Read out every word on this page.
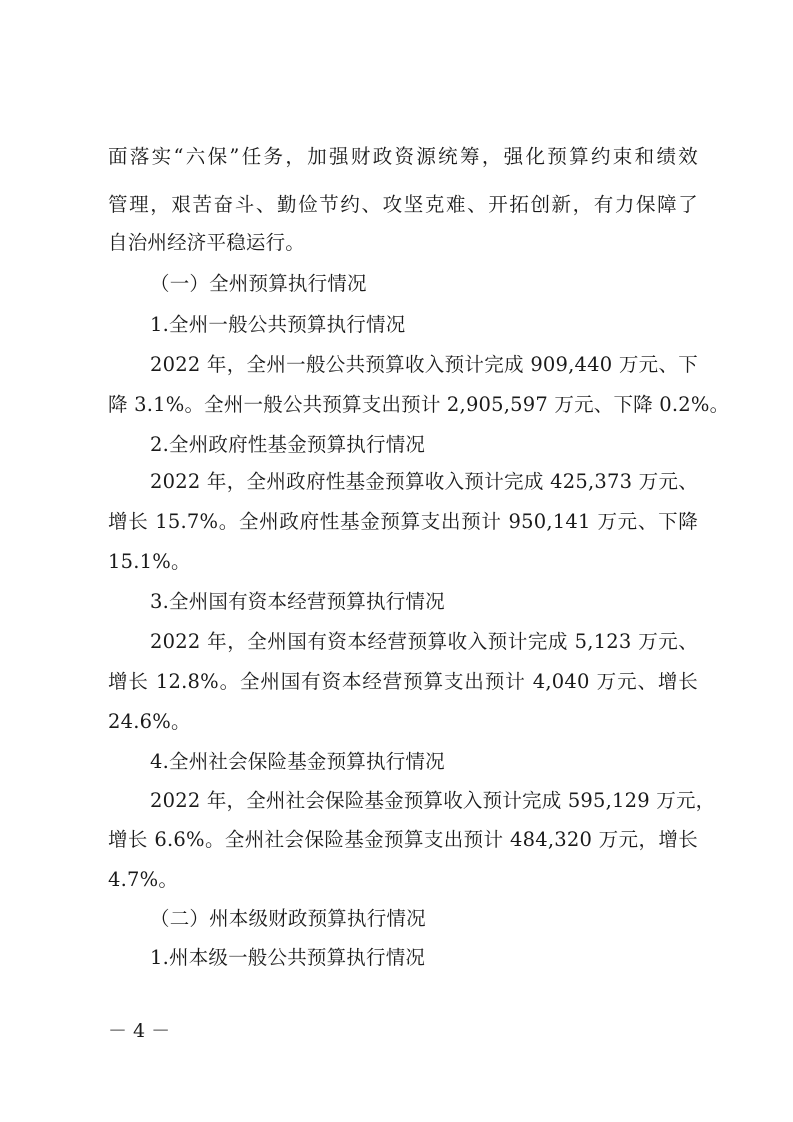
面落实“六保”任务，加强财政资源统筹，强化预算约束和绩效
管理，艰苦奋斗、勤俭节约、攻坚克难、开拓创新，有力保障了
自治州经济平稳运行。
（一）全州预算执行情况
1.全州一般公共预算执行情况
2022 年，全州一般公共预算收入预计完成 909,440 万元、下
降 3.1%。全州一般公共预算支出预计 2,905,597 万元、下降 0.2%。
2.全州政府性基金预算执行情况
2022 年，全州政府性基金预算收入预计完成 425,373 万元、
增长 15.7%。全州政府性基金预算支出预计 950,141 万元、下降
15.1%。
3.全州国有资本经营预算执行情况
2022 年，全州国有资本经营预算收入预计完成 5,123 万元、
增长 12.8%。全州国有资本经营预算支出预计 4,040 万元、增长
24.6%。
4.全州社会保险基金预算执行情况
2022 年，全州社会保险基金预算收入预计完成 595,129 万元，
增长 6.6%。全州社会保险基金预算支出预计 484,320 万元，增长
4.7%。
（二）州本级财政预算执行情况
1.州本级一般公共预算执行情况
－ 4 －
